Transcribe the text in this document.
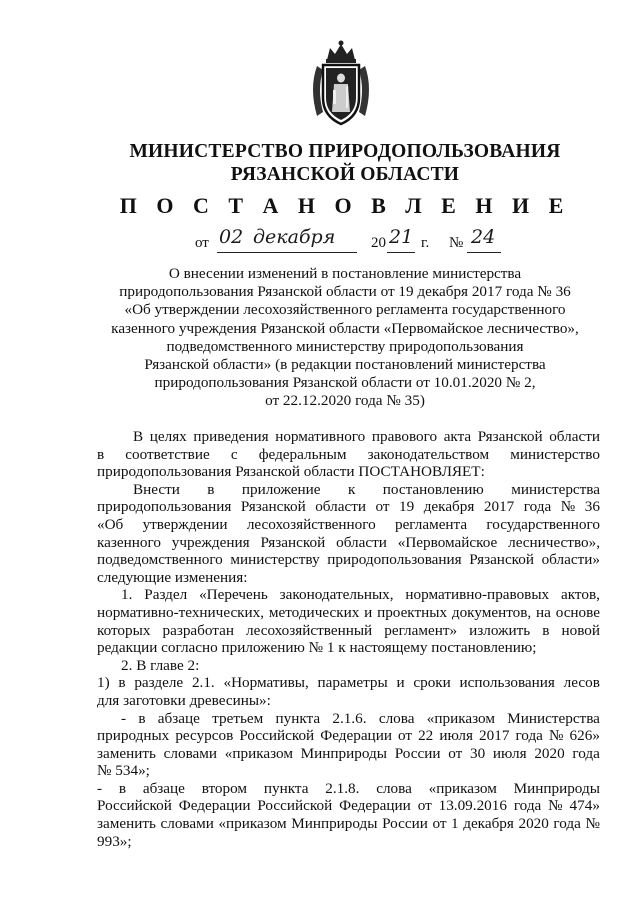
МИНИСТЕРСТВО ПРИРОДОПОЛЬЗОВАНИЯ
РЯЗАНСКОЙ ОБЛАСТИ
П О С Т А Н О В Л Е Н И Е
от 02 декабря 20 21 г. № 24
О внесении изменений в постановление министерства
природопользования Рязанской области от 19 декабря 2017 года № 36
«Об утверждении лесохозяйственного регламента государственного
казенного учреждения Рязанской области «Первомайское лесничество»,
подведомственного министерству природопользования
Рязанской области» (в редакции постановлений министерства
природопользования Рязанской области от 10.01.2020 № 2,
от 22.12.2020 года № 35)
В целях приведения нормативного правового акта Рязанской области
в соответствие с федеральным законодательством министерство
природопользования Рязанской области ПОСТАНОВЛЯЕТ:
Внести в приложение к постановлению министерства
природопользования Рязанской области от 19 декабря 2017 года № 36
«Об утверждении лесохозяйственного регламента государственного
казенного учреждения Рязанской области «Первомайское лесничество»,
подведомственного министерству природопользования Рязанской области»
следующие изменения:
1. Раздел «Перечень законодательных, нормативно-правовых актов,
нормативно-технических, методических и проектных документов, на основе
которых разработан лесохозяйственный регламент» изложить в новой
редакции согласно приложению № 1 к настоящему постановлению;
2. В главе 2:
1) в разделе 2.1. «Нормативы, параметры и сроки использования лесов
для заготовки древесины»:
- в абзаце третьем пункта 2.1.6. слова «приказом Министерства
природных ресурсов Российской Федерации от 22 июля 2017 года № 626»
заменить словами «приказом Минприроды России от 30 июля 2020 года
№ 534»;
- в абзаце втором пункта 2.1.8. слова «приказом Минприроды
Российской Федерации Российской Федерации от 13.09.2016 года № 474»
заменить словами «приказом Минприроды России от 1 декабря 2020 года №
993»;
